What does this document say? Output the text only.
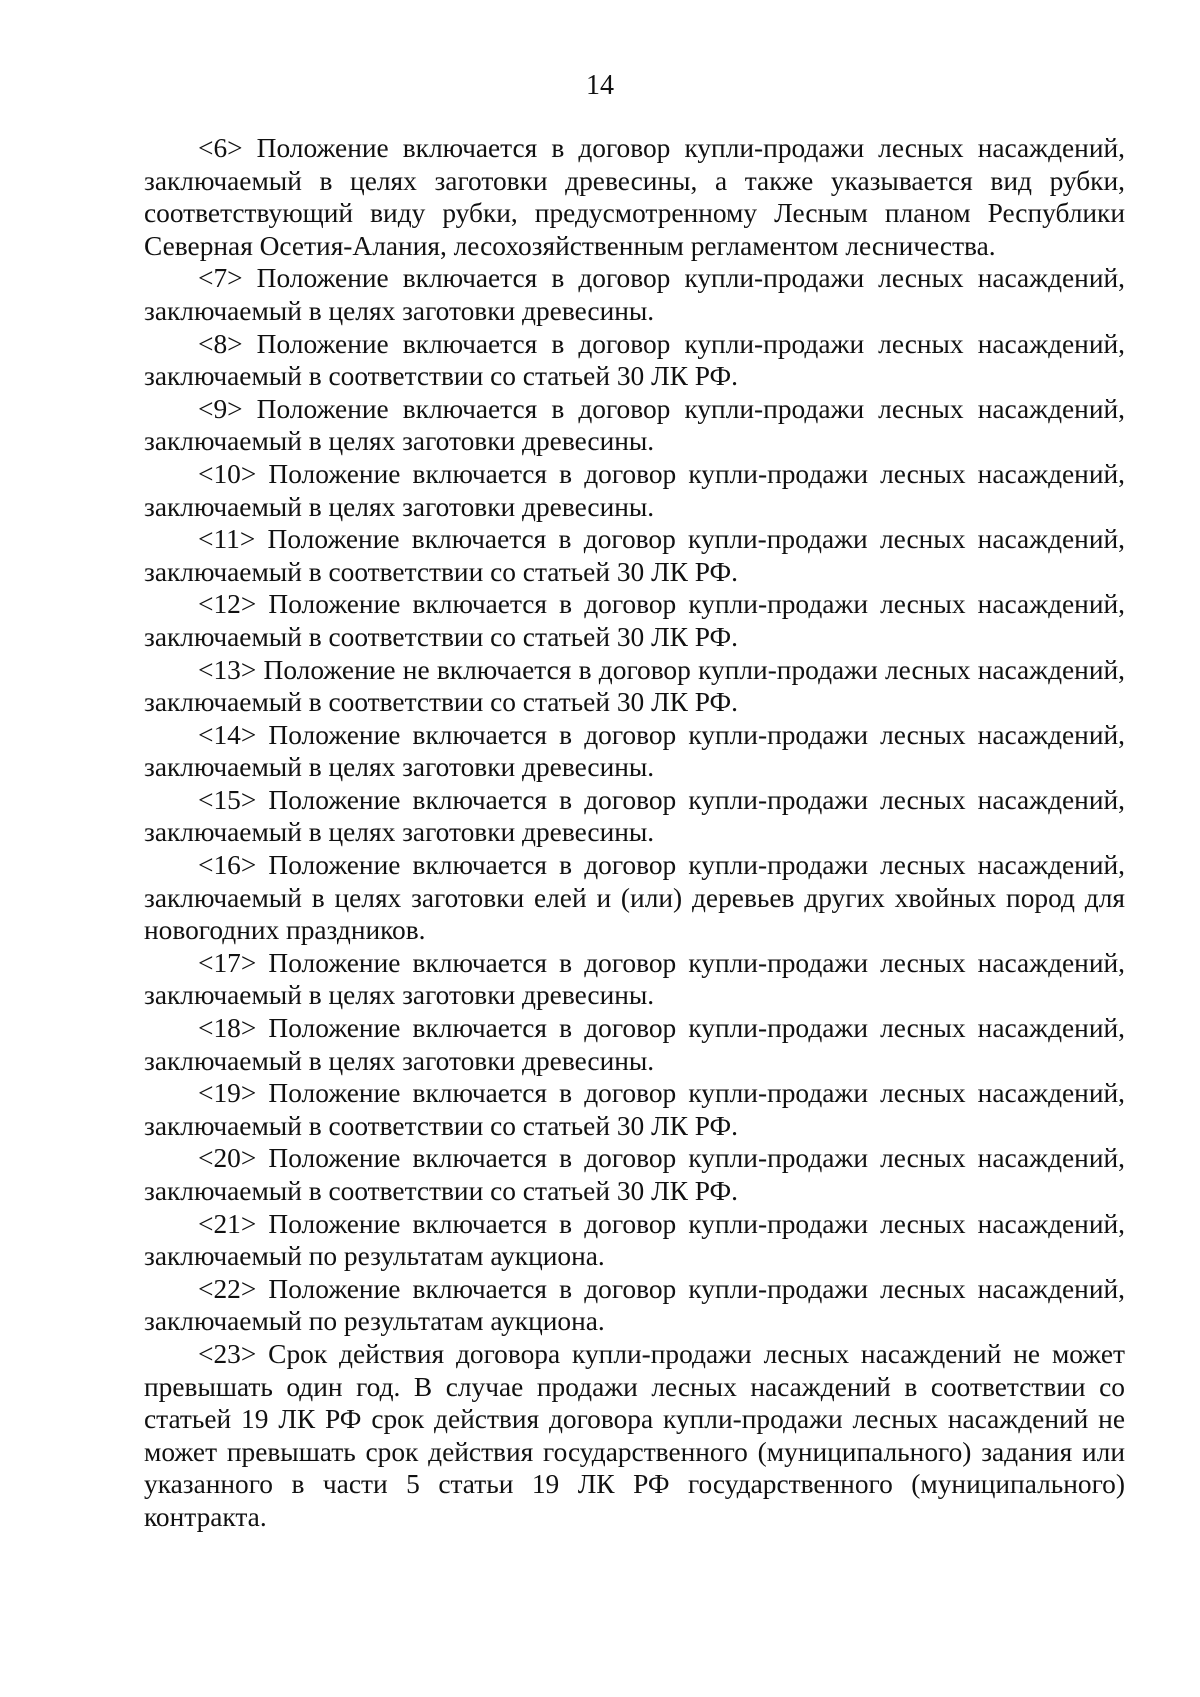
14

<6> Положение включается в договор купли-продажи лесных насаждений, заключаемый в целях заготовки древесины, а также указывается вид рубки, соответствующий виду рубки, предусмотренному Лесным планом Республики Северная Осетия-Алания, лесохозяйственным регламентом лесничества.

<7> Положение включается в договор купли-продажи лесных насаждений, заключаемый в целях заготовки древесины.

<8> Положение включается в договор купли-продажи лесных насаждений, заключаемый в соответствии со статьей 30 ЛК РФ.

<9> Положение включается в договор купли-продажи лесных насаждений, заключаемый в целях заготовки древесины.

<10> Положение включается в договор купли-продажи лесных насаждений, заключаемый в целях заготовки древесины.

<11> Положение включается в договор купли-продажи лесных насаждений, заключаемый в соответствии со статьей 30 ЛК РФ.

<12> Положение включается в договор купли-продажи лесных насаждений, заключаемый в соответствии со статьей 30 ЛК РФ.

<13> Положение не включается в договор купли-продажи лесных насаждений, заключаемый в соответствии со статьей 30 ЛК РФ.

<14> Положение включается в договор купли-продажи лесных насаждений, заключаемый в целях заготовки древесины.

<15> Положение включается в договор купли-продажи лесных насаждений, заключаемый в целях заготовки древесины.

<16> Положение включается в договор купли-продажи лесных насаждений, заключаемый в целях заготовки елей и (или) деревьев других хвойных пород для новогодних праздников.

<17> Положение включается в договор купли-продажи лесных насаждений, заключаемый в целях заготовки древесины.

<18> Положение включается в договор купли-продажи лесных насаждений, заключаемый в целях заготовки древесины.

<19> Положение включается в договор купли-продажи лесных насаждений, заключаемый в соответствии со статьей 30 ЛК РФ.

<20> Положение включается в договор купли-продажи лесных насаждений, заключаемый в соответствии со статьей 30 ЛК РФ.

<21> Положение включается в договор купли-продажи лесных насаждений, заключаемый по результатам аукциона.

<22> Положение включается в договор купли-продажи лесных насаждений, заключаемый по результатам аукциона.

<23> Срок действия договора купли-продажи лесных насаждений не может превышать один год. В случае продажи лесных насаждений в соответствии со статьей 19 ЛК РФ срок действия договора купли-продажи лесных насаждений не может превышать срок действия государственного (муниципального) задания или указанного в части 5 статьи 19 ЛК РФ государственного (муниципального) контракта.
